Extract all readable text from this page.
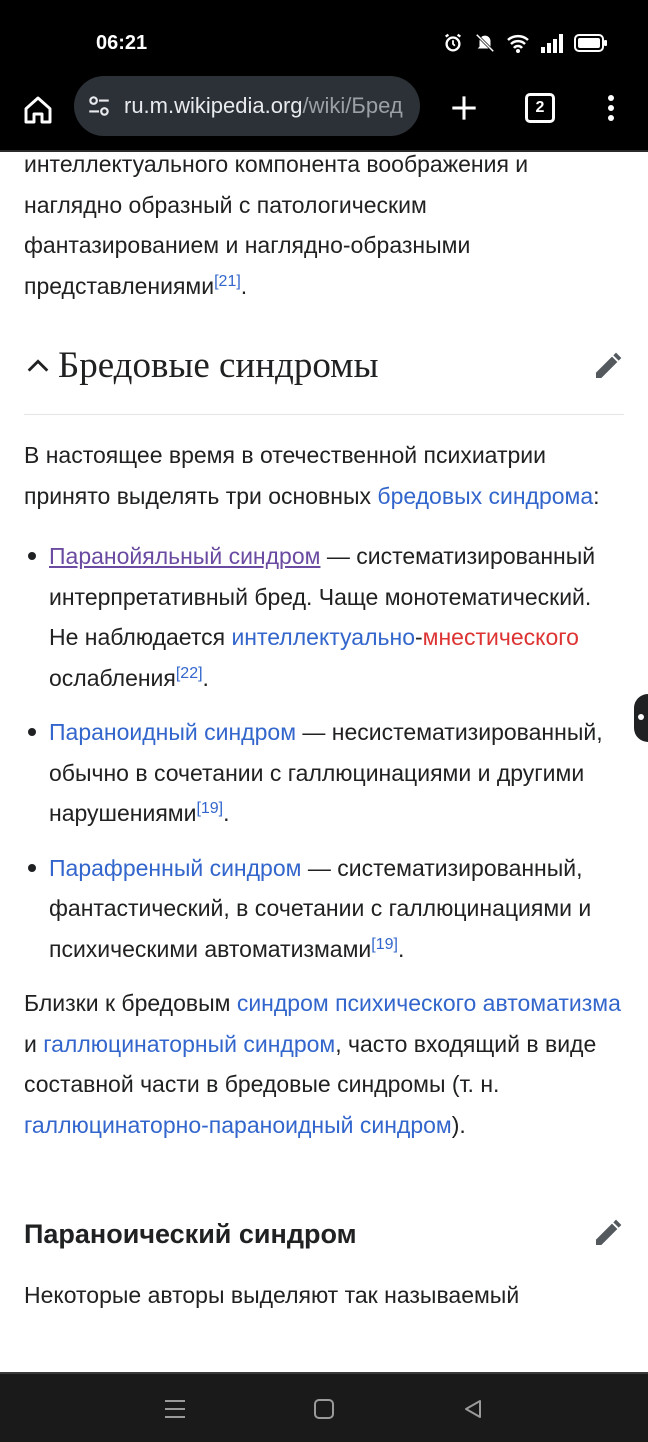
06:21
ru.m.wikipedia.org/wiki/Бред	2

интеллектуального компонента воображения и наглядно образный с патологическим фантазированием и наглядно-образными представлениями[21].

Бредовые синдромы

В настоящее время в отечественной психиатрии принято выделять три основных бредовых синдрома:

Паранойяльный синдром — систематизированный интерпретативный бред. Чаще монотематический. Не наблюдается интеллектуально-мнестического ослабления[22].
Параноидный синдром — несистематизированный, обычно в сочетании с галлюцинациями и другими нарушениями[19].
Парафренный синдром — систематизированный, фантастический, в сочетании с галлюцинациями и психическими автоматизмами[19].

Близки к бредовым синдром психического автоматизма и галлюцинаторный синдром, часто входящий в виде составной части в бредовые синдромы (т. н. галлюцинаторно-параноидный синдром).

Параноический синдром

Некоторые авторы выделяют так называемый
